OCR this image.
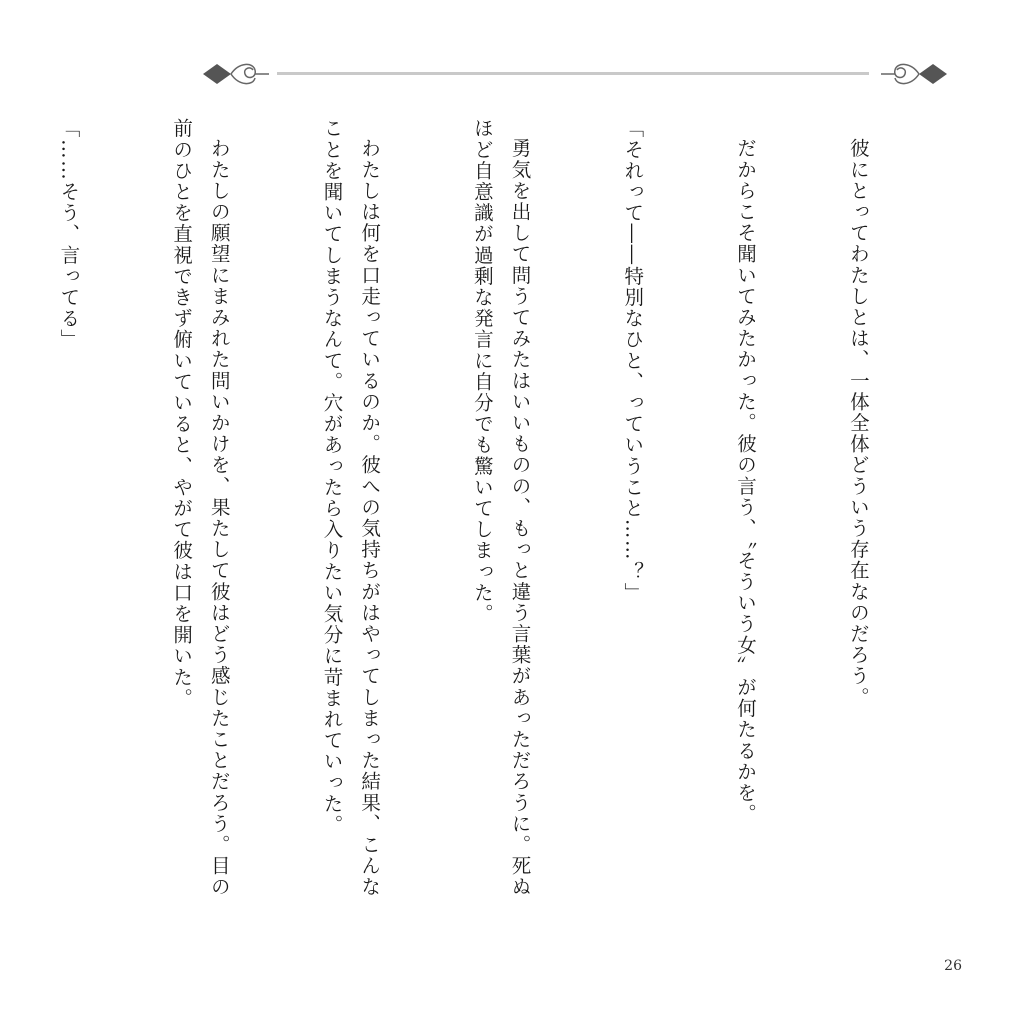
彼にとってわたしとは、一体全体どういう存在なのだろう。

だからこそ聞いてみたかった。彼の言う、〝そういう女〟が何たるかを。

「それって――特別なひと、っていうこと……？」

勇気を出して問うてみたはいいものの、もっと違う言葉があっただろうに。死ぬほど自意識が過剰な発言に自分でも驚いてしまった。

わたしは何を口走っているのか。彼への気持ちがはやってしまった結果、こんなことを聞いてしまうなんて。穴があったら入りたい気分に苛まれていった。

わたしの願望にまみれた問いかけを、果たして彼はどう感じたことだろう。目の前のひとを直視できず俯いていると、やがて彼は口を開いた。

「……そう、言ってる」

26
